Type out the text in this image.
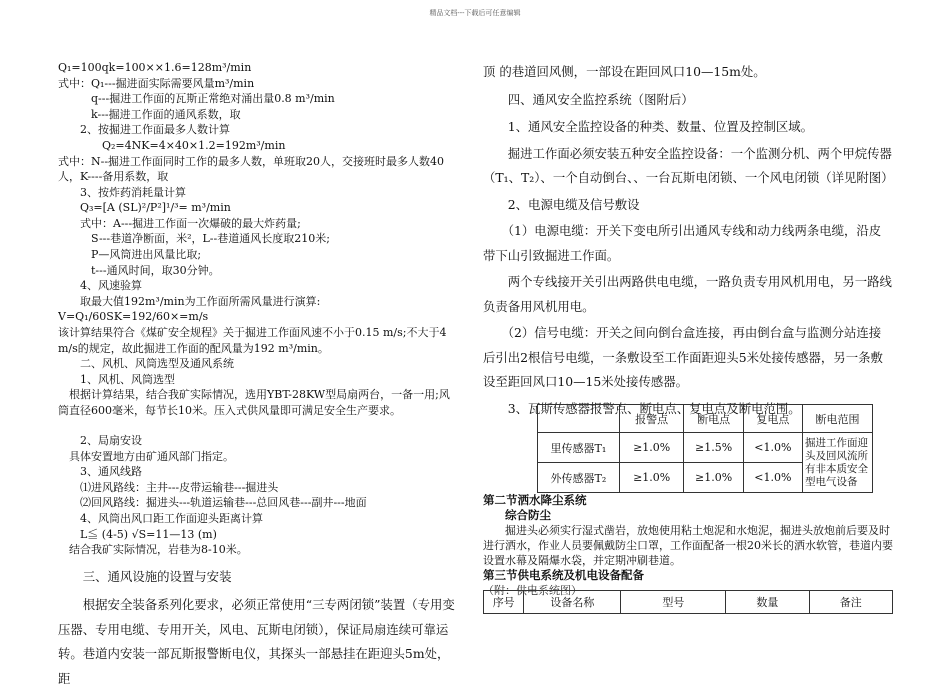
精品文档---下载后可任意编辑
Q₁=100qk=100××1.6=128m³/min
式中：Q₁---掘进面实际需要风量m³/min
　　　q---掘进工作面的瓦斯正常绝对涌出量0.8 m³/min
　　　k---掘进工作面的通风系数，取
　　2、按掘进工作面最多人数计算
　　　　Q₂=4NK=4×40×1.2=192m³/min
式中：N--掘进工作面同时工作的最多人数，单班取20人，交接班时最多人数40人，K----备用系数，取
　　3、按炸药消耗量计算
　　Q₃=[A (SL)²/P²]¹/³= m³/min
　　式中：A---掘进工作面一次爆破的最大炸药量;
　　　S---巷道净断面，米²，L--巷道通风长度取210米;
　　　P—风筒进出风量比取;
　　　t---通风时间，取30分钟。
　　4、风速验算
　　取最大值192m³/min为工作面所需风量进行演算:
V=Q₁/60SK=192/60×=m/s
该计算结果符合《煤矿安全规程》关于掘进工作面风速不小于0.15 m/s;不大于4 m/s的规定，故此掘进工作面的配风量为192 m³/min。
　　二、风机、风筒选型及通风系统
　　1、风机、风筒选型
　根据计算结果，结合我矿实际情况，选用YBT-28KW型局扇两台，一备一用;风筒直径600毫米，每节长10米。压入式供风量即可满足安全生产要求。
　　2、局扇安设
　具体安置地方由矿通风部门指定。
　　3、通风线路
　　⑴进风路线：主井---皮带运输巷---掘进头
　　⑵回风路线：掘进头---轨道运输巷---总回风巷---副井---地面
　　4、风筒出风口距工作面迎头距离计算
　　L≦ (4-5) √S=11—13 (m)
　结合我矿实际情况，岩巷为8-10米。
　　三、通风设施的设置与安装
　　根据安全装备系列化要求，必须正常使用“三专两闭锁”装置（专用变压器、专用电缆、专用开关，风电、瓦斯电闭锁），保证局扇连续可靠运转。巷道内安装一部瓦斯报警断电仪，其探头一部悬挂在距迎头5m处，距
顶 的巷道回风侧，一部设在距回风口10—15m处。
　　四、通风安全监控系统（图附后）
　　1、通风安全监控设备的种类、数量、位置及控制区域。
　　掘进工作面必须安装五种安全监控设备：一个监测分机、两个甲烷传器（T₁、T₂）、一个自动倒台、、一台瓦斯电闭锁、一个风电闭锁（详见附图）
　　2、电源电缆及信号敷设
　　（1）电源电缆：开关下变电所引出通风专线和动力线两条电缆，沿皮带下山引致掘进工作面。
　　两个专线接开关引出两路供电电缆，一路负责专用风机用电，另一路线负责备用风机用电。
　　（2）信号电缆：开关之间向倒台盒连接，再由倒台盒与监测分站连接后引出2根信号电缆，一条敷设至工作面距迎头5米处接传感器，另一条敷设至距回风口10—15米处接传感器。
　　3、瓦斯传感器报警点、断电点、复电点及断电范围。
	报警点	断电点	复电点	断电范围
里传感器T₁	≥1.0%	≥1.5%	<1.0%	掘进工作面迎头及回风流所有非本质安全型电气设备
外传感器T₂	≥1.0%	≥1.0%	<1.0%	
第二节洒水降尘系统
综合防尘
　　掘进头必须实行湿式凿岩，放炮使用粘土炮泥和水炮泥，掘进头放炮前后要及时进行洒水，作业人员要佩戴防尘口罩，工作面配备一根20米长的洒水软管，巷道内要设置水幕及隔爆水袋，并定期冲刷巷道。
第三节供电系统及机电设备配备
（附：供电系统图）
序号	设备名称	型号	数量	备注
